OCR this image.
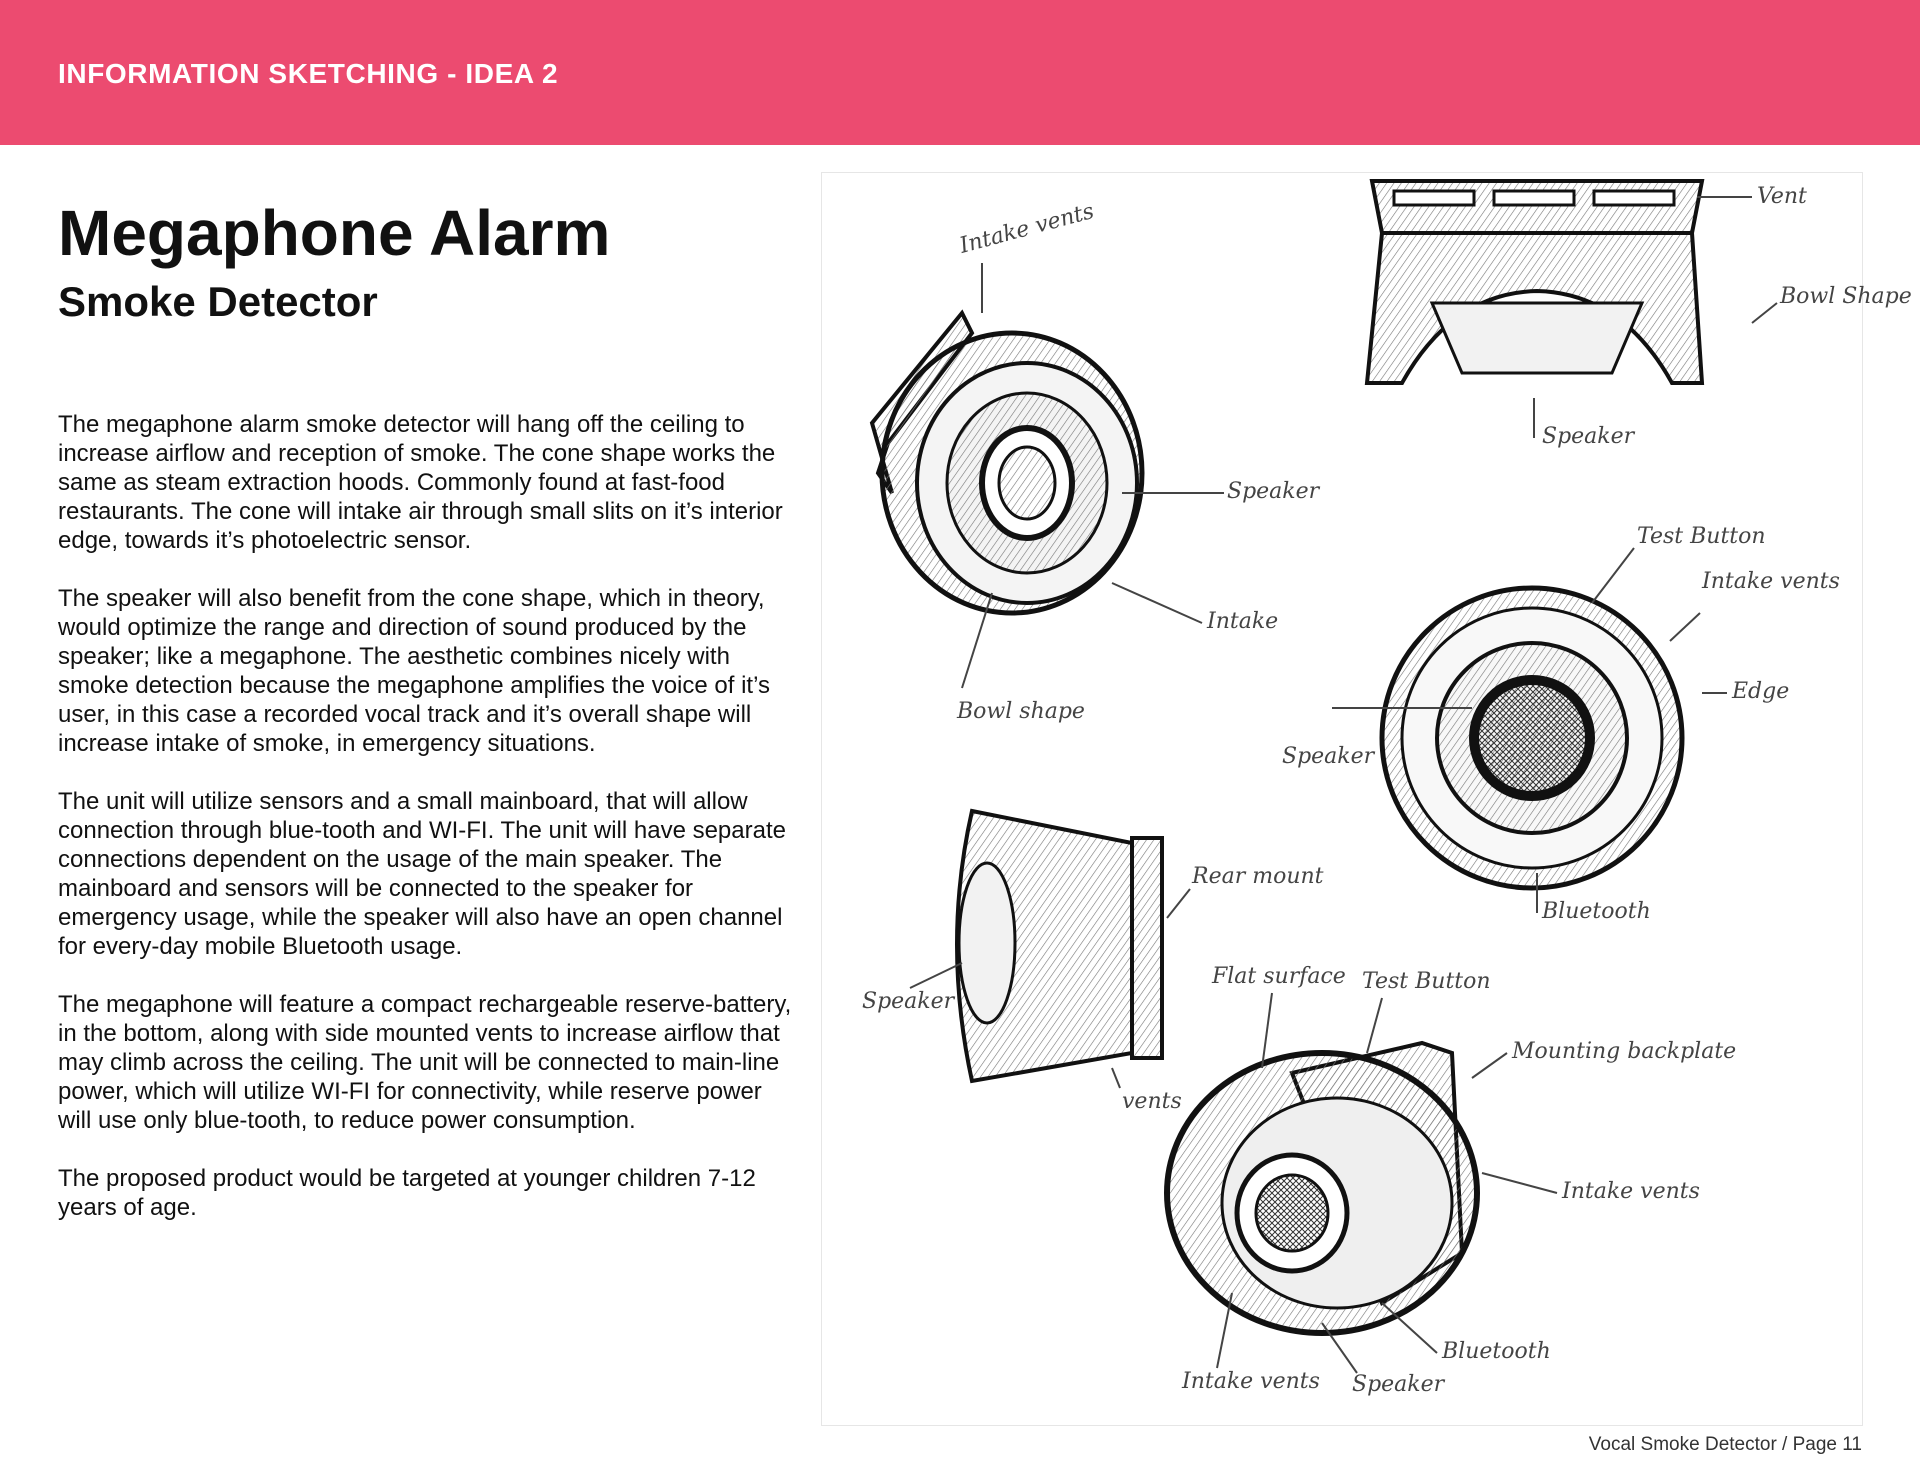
INFORMATION SKETCHING - IDEA 2
Megaphone Alarm
Smoke Detector

The megaphone alarm smoke detector will hang off the ceiling to increase airflow and reception of smoke. The cone shape works the same as steam extraction hoods. Commonly found at fast-food restaurants. The cone will intake air through small slits on it’s interior edge, towards it’s photoelectric sensor.

The speaker will also benefit from the cone shape, which in theory, would optimize the range and direction of sound produced by the speaker; like a megaphone. The aesthetic combines nicely with smoke detection because the megaphone amplifies the voice of it’s user, in this case a recorded vocal track and it’s overall shape will increase intake of smoke, in emergency situations.

The unit will utilize sensors and a small mainboard, that will allow connection through blue-tooth and WI-FI. The unit will have separate connections dependent on the usage of the main speaker. The mainboard and sensors will be connected to the speaker for emergency usage, while the speaker will also have an open channel for every-day mobile Bluetooth usage.

The megaphone will feature a compact rechargeable reserve-battery, in the bottom, along with side mounted vents to increase airflow that may climb across the ceiling. The unit will be connected to main-line power, which will utilize WI-FI for connectivity, while reserve power will use only blue-tooth, to reduce power consumption.

The proposed product would be targeted at younger children 7-12 years of age.

Intake vents
Speaker
Intake
Bowl shape
Vent
Bowl Shape
Speaker
Test Button
Intake vents
Edge
Speaker
Bluetooth
Rear mount
Speaker
vents
Flat surface Test Button
Mounting backplate
Intake vents
Bluetooth
Intake vents Speaker
Vocal Smoke Detector / Page 11
